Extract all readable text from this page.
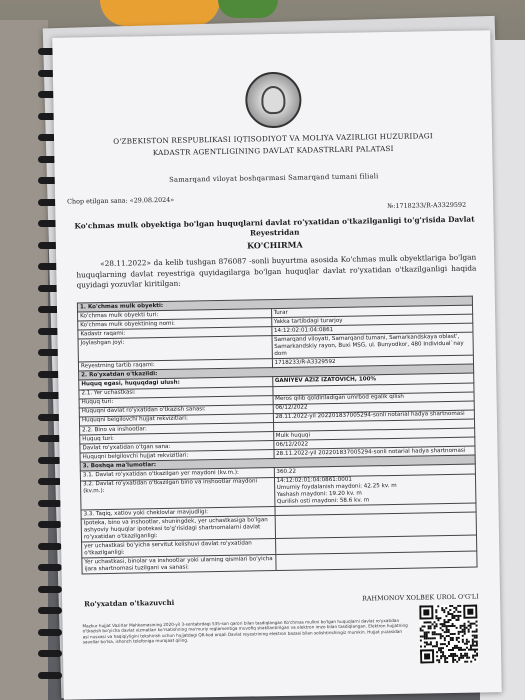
O'ZBEKISTON RESPUBLIKASI IQTISODIYOT VA MOLIYA VAZIRLIGI HUZURIDAGI
KADASTR AGENTLIGINING DAVLAT KADASTRLARI PALATASI
Samarqand viloyat boshqarmasi Samarqand tumani filiali
Chop etilgan sana: «29.08.2024»	№:1718233/R-A3329592
Ko'chmas mulk obyektiga bo'lgan huquqlarni davlat ro'yxatidan o'tkazilganligi to'g'risida Davlat
Reyestridan
KO'CHIRMA
«28.11.2022» da kelib tushgan 876087 -sonli buyurtma asosida Ko'chmas mulk obyektlariga bo'lgan huquqlarning davlat reyestriga quyidagilarga bo'lgan huquqlar davlat ro'yxatidan o'tkazilganligi haqida quyidagi yozuvlar kiritilgan:
1. Ko'chmas mulk obyekti:	
Ko'chmas mulk obyekti turi:	Turar
Ko'chmas mulk obyektining nomi:	Yakka tartibdagi turarjoy
Kadastr raqami:	14:12:02:01:04:0861
Joylashgan joyi:	Samarqand viloyati, Samarqand tumani, Samarkandskaya oblast', Samarkandskiy rayon, Buxi MSG, ul. Bunyodkor, 480 Individual`nay dom
Reyestrning tartib raqami:	1718233/R-A3329592
2. Ro'yxatdan o'tkazildi:	
Huquq egasi, huquqdagi ulush:	GANIYEV AZIZ IZATOVICH, 100%
2.1. Yer uchastkasi:	
Huquq turi:	Meros qilib qoldiriladigan umrbod egalik qilish
Huquqni davlat ro'yxatidan o'tkazish sanasi:	06/12/2022
Huquqni belgilovchi hujjat rekvizitlari:	28.11.2022-yil 202201837005294-sonli notarial hadya shartnomasi
2.2. Bino va inshootlar:	
Huquq turi:	Mulk huquqi
Davlat ro'yxatidan o'tgan sana:	06/12/2022
Huquqni belgilovchi hujjat rekvizitlari:	28.11.2022-yil 202201837005294-sonli notarial hadya shartnomasi
3. Boshqa ma'lumotlar:	
3.1. Davlat ro'yxatidan o'tkazilgan yer maydoni (kv.m.):	360.22
3.2. Davlat ro'yxatidan o'tkazilgan bino va inshootlar maydoni (kv.m.):	14:12:02:01:04:0861:0001
Umumiy foydalanish maydoni: 42.25 kv. m
Yashash maydoni: 19.20 kv. m
Qurilish osti maydoni: 58.6 kv. m
3.3. Taqiq, xatlov yoki cheklovlar mavjudligi:	
Ipoteka, bino va inshootlar, shuningdek, yer uchastkasiga bo'lgan ashyoviy huquqlar ipotekasi to'g'risidagi shartnomalarni davlat ro'yxatidan o'tkazilganligi:	
yer uchastkasi bo'yicha servitut kelishuvi davlat ro'yxatidan o'tkazilganligi:	
Yer uchastkasi, binolar va inshootlar yoki ularning qismlari bo'yicha ijara shartnomasi tuzilgani va sanasi:	
Ro'yxatdan o'tkazuvchi
RAHMONOV XOLBEK UROL O'G'LI
Mazkur hujjat Vazirlar Mahkamasining 2020-yil 3-sentabrdagi 535-son qarori bilan tasdiqlangan Ko'chmas mulkni bo'lgan huquqlarni davlat ro'yxatidan o'tkazish bo'yicha davlat xizmatlari ko'rsatishning ma'muriy reglamentiga muvofiq shakllantirilgan va elektron imzo bilan tasdiqlangan. Elektron hujjatning asl nusxasi va haqiqiyligini tekshirish uchun hujjatdagi QR-kod orqali Davlat reyestrining elektron bazasi bilan solishtirishingiz mumkin. Hujjat yuzasidan savollar bo'lsa, ishonch telefoniga murojaat qiling.
